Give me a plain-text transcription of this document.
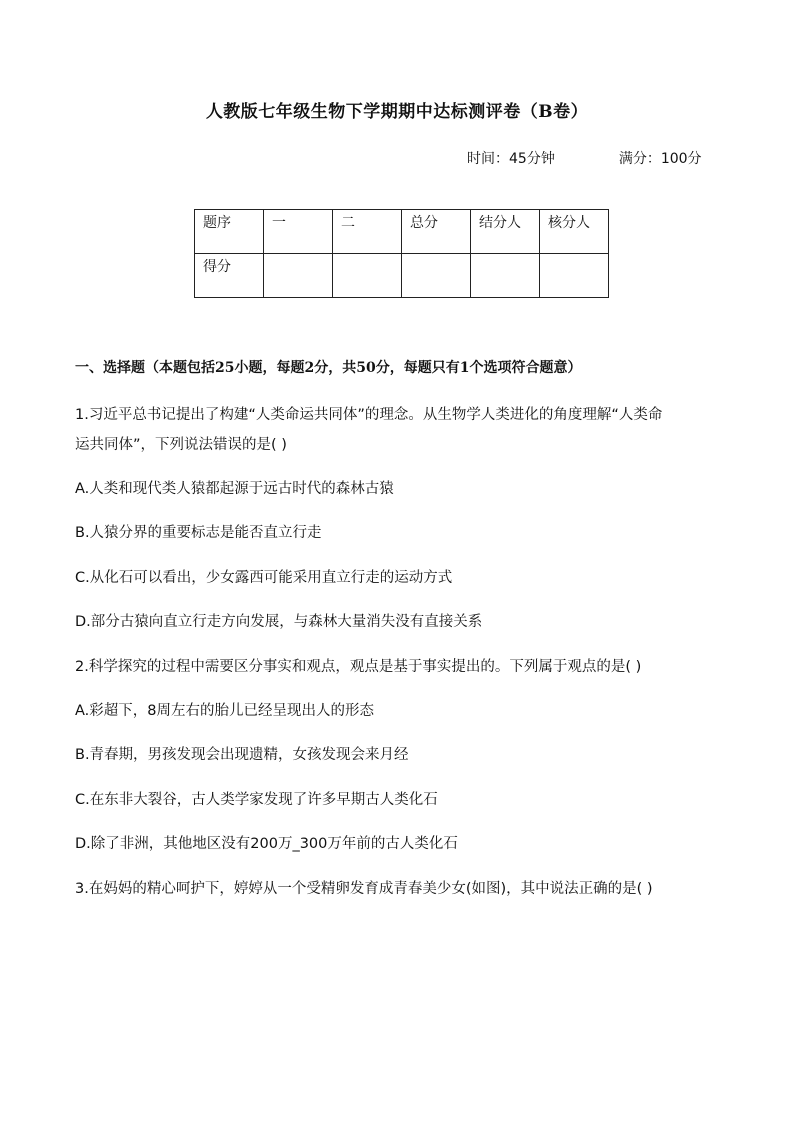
人教版七年级生物下学期期中达标测评卷（B卷）
时间：45分钟	满分：100分
题序	一	二	总分	结分人	核分人
得分					
一、选择题（本题包括25小题，每题2分，共50分，每题只有1个选项符合题意）
1.习近平总书记提出了构建“人类命运共同体”的理念。从生物学人类进化的角度理解“人类命
运共同体”，下列说法错误的是( )
A.人类和现代类人猿都起源于远古时代的森林古猿
B.人猿分界的重要标志是能否直立行走
C.从化石可以看出，少女露西可能采用直立行走的运动方式
D.部分古猿向直立行走方向发展，与森林大量消失没有直接关系
2.科学探究的过程中需要区分事实和观点，观点是基于事实提出的。下列属于观点的是( )
A.彩超下，8周左右的胎儿已经呈现出人的形态
B.青春期，男孩发现会出现遗精，女孩发现会来月经
C.在东非大裂谷，古人类学家发现了许多早期古人类化石
D.除了非洲，其他地区没有200万_300万年前的古人类化石
3.在妈妈的精心呵护下，婷婷从一个受精卵发育成青春美少女(如图)，其中说法正确的是( )
